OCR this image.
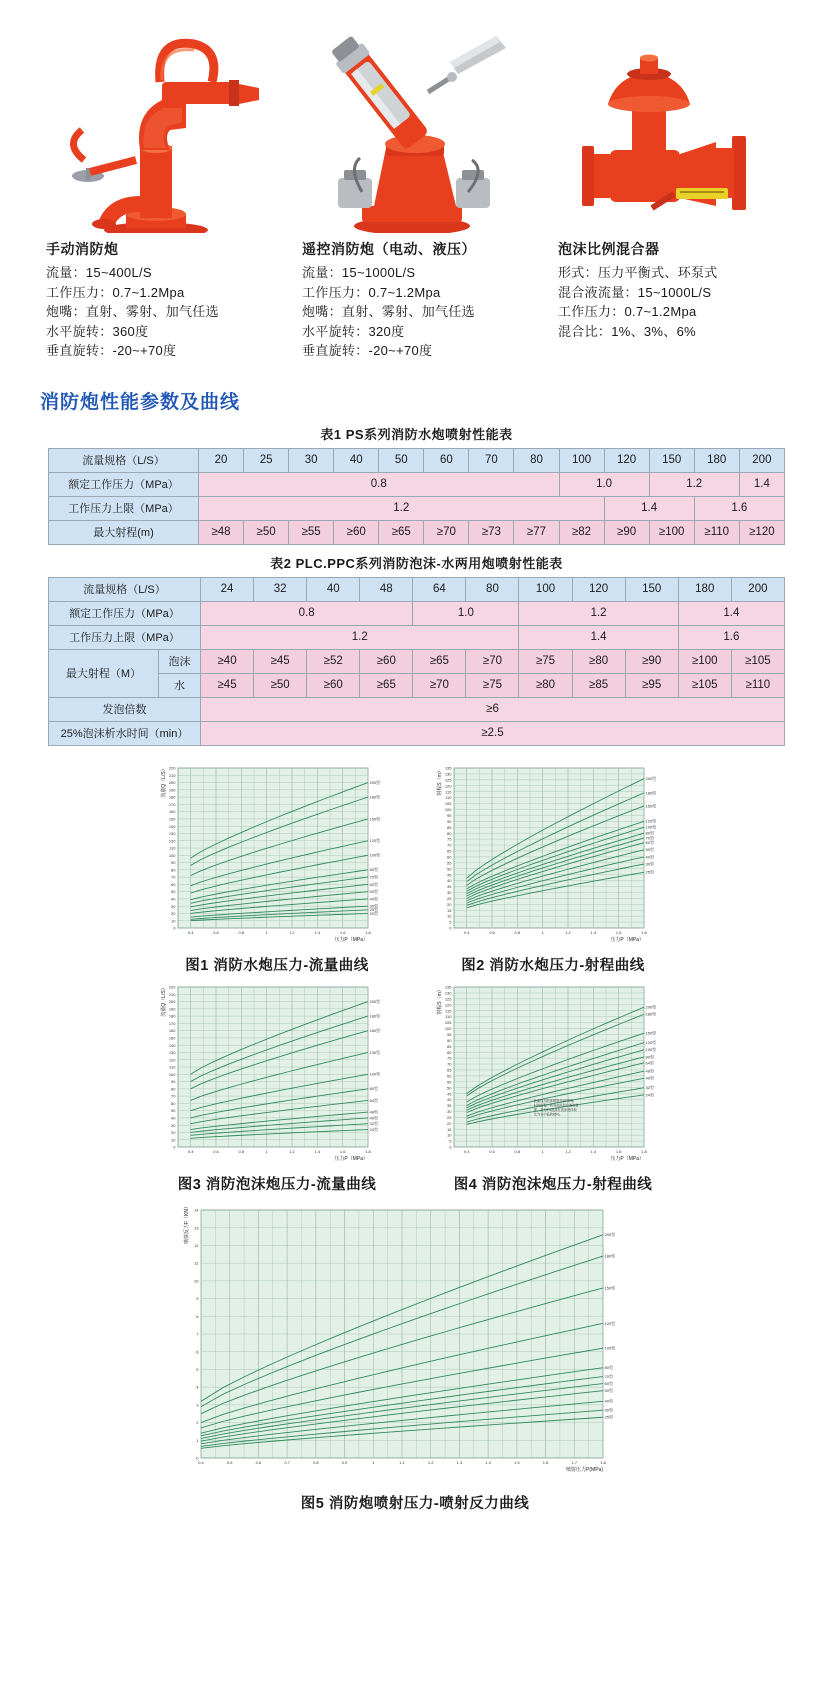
手动消防炮
流量：15~400L/S
工作压力：0.7~1.2Mpa
炮嘴：直射、雾射、加气任选
水平旋转：360度
垂直旋转：-20~+70度
遥控消防炮（电动、液压）
流量：15~1000L/S
工作压力：0.7~1.2Mpa
炮嘴：直射、雾射、加气任选
水平旋转：320度
垂直旋转：-20~+70度
泡沫比例混合器
形式：压力平衡式、环泵式
混合液流量：15~1000L/S
工作压力：0.7~1.2Mpa
混合比：1%、3%、6%
消防炮性能参数及曲线
表1 PS系列消防水炮喷射性能表
流量规格（L/S）	20	25	30	40	50	60	70	80	100	120	150	180	200
额定工作压力（MPa）	0.8								1.0		1.2		1.4
工作压力上限（MPa）	1.2									1.4		1.6	
最大射程(m)	≥48	≥50	≥55	≥60	≥65	≥70	≥73	≥77	≥82	≥90	≥100	≥110	≥120
表2 PLC.PPC系列消防泡沫-水两用炮喷射性能表
流量规格（L/S）		24	32	40	48	64	80	100	120	150	180	200
额定工作压力（MPa）		0.8				1.0		1.2			1.4	
工作压力上限（MPa）		1.2						1.4			1.6	
最大射程（M）	泡沫	≥40	≥45	≥52	≥60	≥65	≥70	≥75	≥80	≥90	≥100	≥105
	水	≥45	≥50	≥60	≥65	≥70	≥75	≥80	≥85	≥95	≥105	≥110
发泡倍数		≥6										
25%泡沫析水时间（min）		≥2.5										
0
10
20
30
40
50
60
70
80
90
100
110
120
130
140
150
160
170
180
190
200
210
220
0.4	0.6	0.8	1	1.2	1.4	1.6	1.8
压力P（MPa）
流量Q（L/S）	200型
180型
150型
120型
100型
80型
70型
60型
50型
40型
30型
25型
20型
图1 消防水炮压力-流量曲线
0
5
10
15
20
25
30
35
40
45
50
55
60
65
70
75
80
85
90
95
100
105
110
115
120
125
130
135
0.4	0.6	0.8	1	1.2	1.4	1.6	1.8
压力P（MPa）
射程S（m）	200型
180型
150型
120型
100型
80型
70型
60型
50型
40型
30型
25型
图2 消防水炮压力-射程曲线
0
10
20
30
40
50
60
70
80
90
100
110
120
130
140
150
160
170
180
190
200
210
220
0.4	0.6	0.8	1	1.2	1.4	1.6	1.8
压力P（MPa）
流量Q（L/S）	200型
180型
160型
130型
100型
80型
64型
48型
40型
32型
24型
图3 消防泡沫炮压力-流量曲线
0
5
10
15
20
25
30
35
40
45
50
55
60
65
70
75
80
85
90
95
100
105
110
115
120
125
130
135
0.4	0.6	0.8	1	1.2	1.4	1.6	1.8
压力P（MPa）
射程S（m）	200型
180型
150型
120型
100型
80型
64型
48型
40型
32型
24型
此曲线为泡沫喷管在30°仰角
时的射程，若为水用混合液的数
据，若为3%泡沫在泡沫液体积
比为水中值的85%。
图4 消防泡沫炮压力-射程曲线
0
1
2
3
4
5
6
7
8
9
10
11
12
13
14
0.4	0.5	0.6	0.7	0.8	0.9	1	1.1	1.2	1.3	1.4	1.5	1.6	1.7	1.8
喷射压力P(MPa)
喷射反力F（KN）	200型
180型
150型
120型
100型
80型
70型
60型
50型
40型
30型
25型
图5 消防炮喷射压力-喷射反力曲线
